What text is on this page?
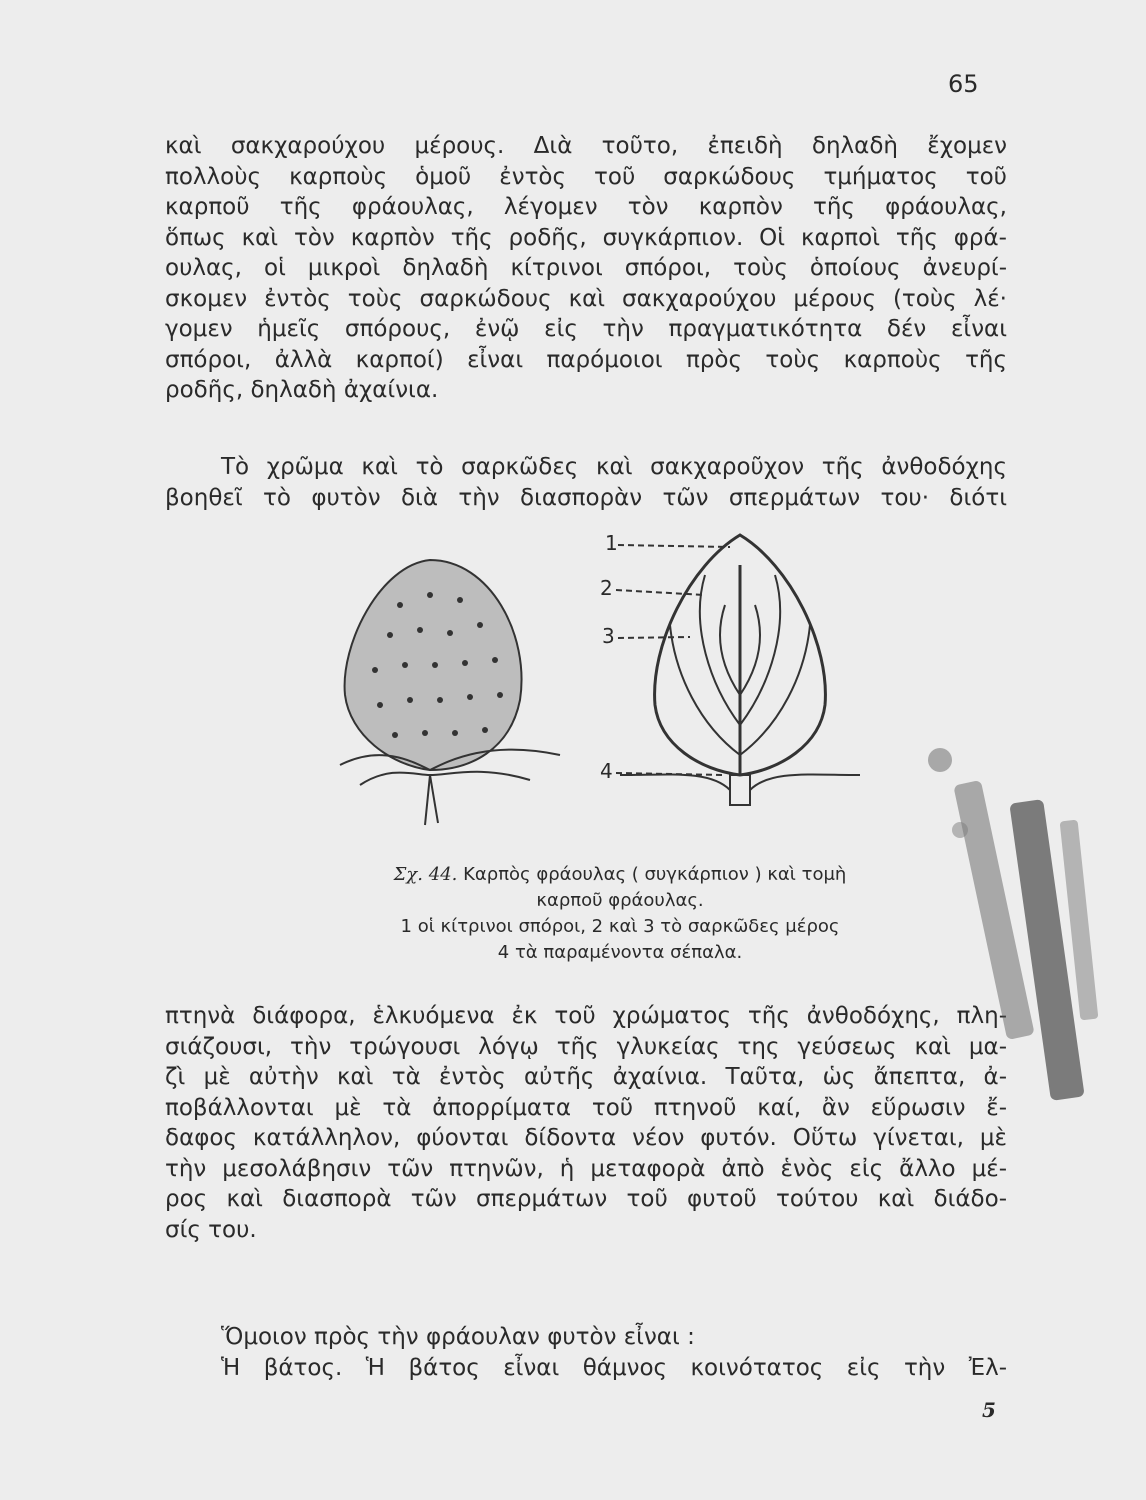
65
καὶ σακχαρούχου μέρους. Διὰ τοῦτο, ἐπειδὴ δηλαδὴ ἔχομεν
πολλοὺς καρποὺς ὁμοῦ ἐντὸς τοῦ σαρκώδους τμήματος τοῦ
καρποῦ τῆς φράουλας, λέγομεν τὸν καρπὸν τῆς φράουλας,
ὅπως καὶ τὸν καρπὸν τῆς ροδῆς, συγκάρπιον. Οἱ καρποὶ τῆς φρά-
ουλας, οἱ μικροὶ δηλαδὴ κίτρινοι σπόροι, τοὺς ὁποίους ἀνευρί-
σκομεν ἐντὸς τοὺς σαρκώδους καὶ σακχαρούχου μέρους (τοὺς λέ·
γομεν ἡμεῖς σπόρους, ἐνῷ εἰς τὴν πραγματικότητα δέν εἶναι
σπόροι, ἀλλὰ καρποί) εἶναι παρόμοιοι πρὸς τοὺς καρποὺς τῆς
ροδῆς, δηλαδὴ ἀχαίνια.
Τὸ χρῶμα καὶ τὸ σαρκῶδες καὶ σακχαροῦχον τῆς ἀνθοδόχης
βοηθεῖ τὸ φυτὸν διὰ τὴν διασπορὰν τῶν σπερμάτων του· διότι
1
2
3
4
Σχ. 44. Καρπὸς φράουλας ( συγκάρπιον ) καὶ τομὴ
καρποῦ φράουλας.
1 οἱ κίτρινοι σπόροι, 2 καὶ 3 τὸ σαρκῶδες μέρος
4 τὰ παραμένοντα σέπαλα.
πτηνὰ διάφορα, ἑλκυόμενα ἐκ τοῦ χρώματος τῆς ἀνθοδόχης, πλη-
σιάζουσι, τὴν τρώγουσι λόγῳ τῆς γλυκείας της γεύσεως καὶ μα-
ζὶ μὲ αὐτὴν καὶ τὰ ἐντὸς αὐτῆς ἀχαίνια. Ταῦτα, ὡς ἄπεπτα, ἀ-
ποβάλλονται μὲ τὰ ἀπορρίματα τοῦ πτηνοῦ καί, ἂν εὕρωσιν ἔ-
δαφος κατάλληλον, φύονται δίδοντα νέον φυτόν. Οὕτω γίνεται, μὲ
τὴν μεσολάβησιν τῶν πτηνῶν, ἡ μεταφορὰ ἀπὸ ἑνὸς εἰς ἄλλο μέ-
ρος καὶ διασπορὰ τῶν σπερμάτων τοῦ φυτοῦ τούτου καὶ διάδο-
σίς του.
Ὅμοιον πρὸς τὴν φράουλαν φυτὸν εἶναι :
Ἡ βάτος. Ἡ βάτος εἶναι θάμνος κοινότατος εἰς τὴν Ἐλ-
5
